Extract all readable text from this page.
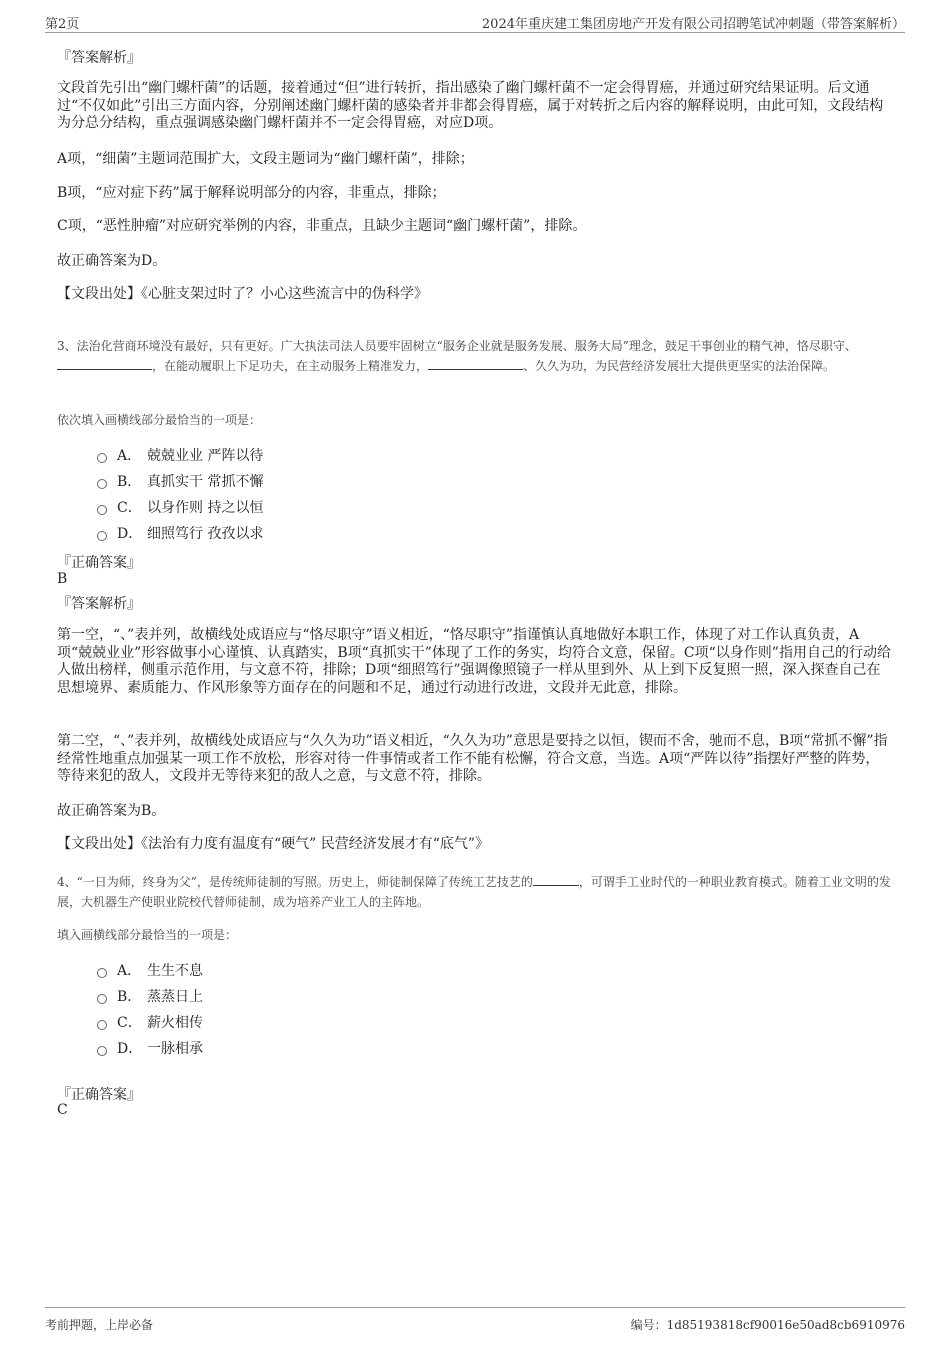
第2页	2024年重庆建工集团房地产开发有限公司招聘笔试冲刺题（带答案解析）
『答案解析』
文段首先引出“幽门螺杆菌”的话题，接着通过“但”进行转折，指出感染了幽门螺杆菌不一定会得胃癌，并通过研究结果证明。后文通过“不仅如此”引出三方面内容，分别阐述幽门螺杆菌的感染者并非都会得胃癌，属于对转折之后内容的解释说明，由此可知，文段结构为分总分结构，重点强调感染幽门螺杆菌并不一定会得胃癌，对应D项。
A项，“细菌”主题词范围扩大，文段主题词为“幽门螺杆菌”，排除；
B项，“应对症下药”属于解释说明部分的内容，非重点，排除；
C项，“恶性肿瘤”对应研究举例的内容，非重点，且缺少主题词“幽门螺杆菌”，排除。
故正确答案为D。
【文段出处】《心脏支架过时了？小心这些流言中的伪科学》
3、法治化营商环境没有最好，只有更好。广大执法司法人员要牢固树立“服务企业就是服务发展、服务大局”理念，鼓足干事创业的精气神，恪尽职守、，在能动履职上下足功夫，在主动服务上精准发力，	、久久为功，为民营经济发展壮大提供更坚实的法治保障。
依次填入画横线部分最恰当的一项是：
A． 兢兢业业 严阵以待
B． 真抓实干 常抓不懈
C． 以身作则 持之以恒
D． 细照笃行 孜孜以求
『正确答案』
B
『答案解析』
第一空，“、”表并列，故横线处成语应与“恪尽职守”语义相近，“恪尽职守”指谨慎认真地做好本职工作，体现了对工作认真负责，A项“兢兢业业”形容做事小心谨慎、认真踏实，B项“真抓实干”体现了工作的务实，均符合文意，保留。C项“以身作则”指用自己的行动给人做出榜样，侧重示范作用，与文意不符，排除；D项“细照笃行”强调像照镜子一样从里到外、从上到下反复照一照，深入探查自己在思想境界、素质能力、作风形象等方面存在的问题和不足，通过行动进行改进，文段并无此意，排除。
第二空，“、”表并列，故横线处成语应与“久久为功”语义相近，“久久为功”意思是要持之以恒，锲而不舍，驰而不息，B项“常抓不懈”指经常性地重点加强某一项工作不放松，形容对待一件事情或者工作不能有松懈，符合文意，当选。A项“严阵以待”指摆好严整的阵势，等待来犯的敌人，文段并无等待来犯的敌人之意，与文意不符，排除。
故正确答案为B。
【文段出处】《法治有力度有温度有“硬气” 民营经济发展才有“底气”》
4、“一日为师，终身为父”，是传统师徒制的写照。历史上，师徒制保障了传统工艺技艺的	，可谓手工业时代的一种职业教育模式。随着工业文明的发展，大机器生产使职业院校代替师徒制，成为培养产业工人的主阵地。
填入画横线部分最恰当的一项是：
A． 生生不息
B． 蒸蒸日上
C． 薪火相传
D． 一脉相承
『正确答案』
C
考前押题，上岸必备	编号：1d85193818cf90016e50ad8cb6910976
